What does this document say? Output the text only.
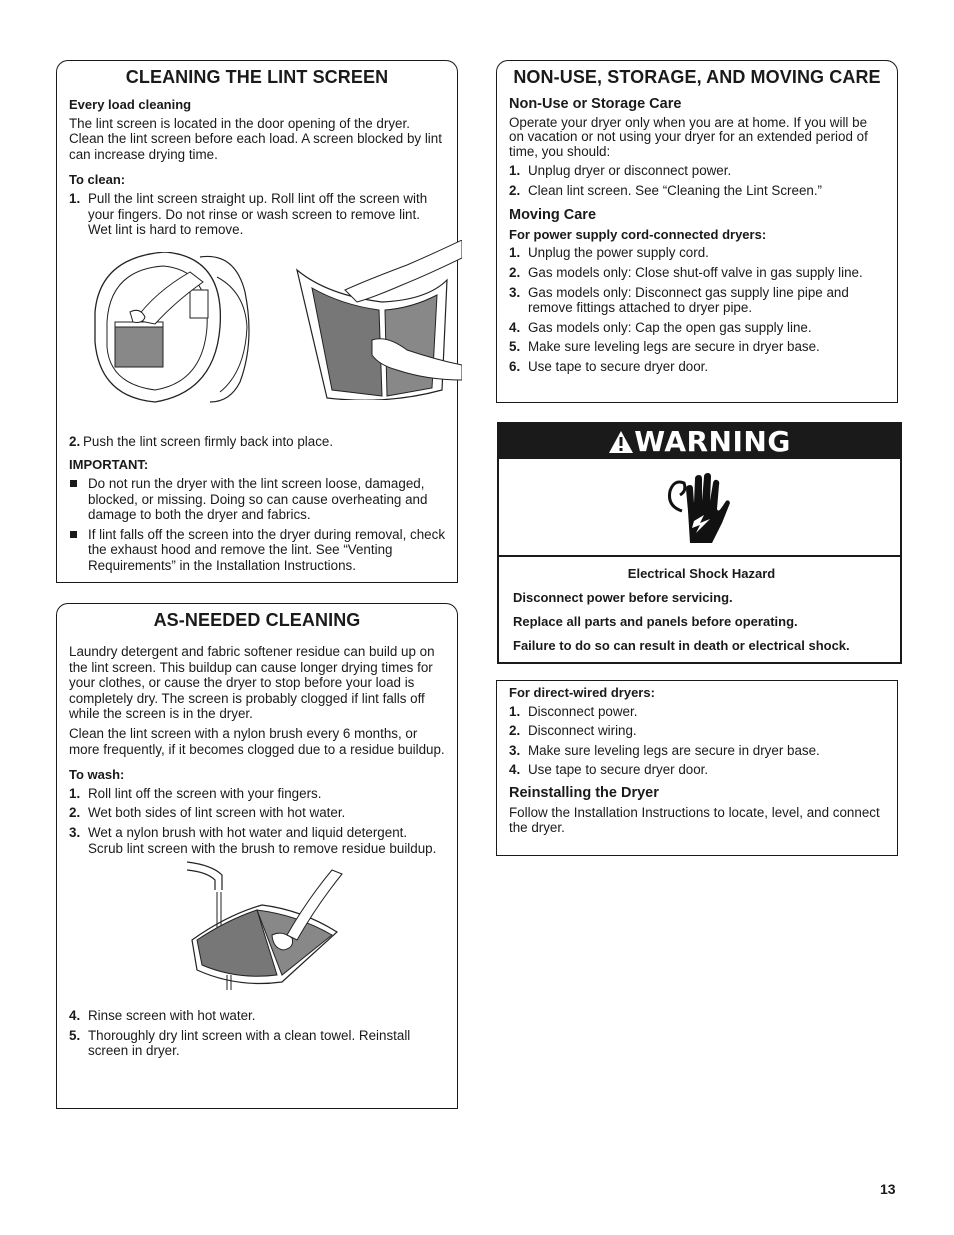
CLEANING THE LINT SCREEN
Every load cleaning

The lint screen is located in the door opening of the dryer. Clean the lint screen before each load. A screen blocked by lint can increase drying time.

To clean:
1. Pull the lint screen straight up. Roll lint off the screen with your fingers. Do not rinse or wash screen to remove lint. Wet lint is hard to remove.
2. Push the lint screen firmly back into place.
IMPORTANT:
Do not run the dryer with the lint screen loose, damaged, blocked, or missing. Doing so can cause overheating and damage to both the dryer and fabrics.
If lint falls off the screen into the dryer during removal, check the exhaust hood and remove the lint. See “Venting Requirements” in the Installation Instructions.
AS-NEEDED CLEANING

Laundry detergent and fabric softener residue can build up on the lint screen. This buildup can cause longer drying times for your clothes, or cause the dryer to stop before your load is completely dry. The screen is probably clogged if lint falls off while the screen is in the dryer.

Clean the lint screen with a nylon brush every 6 months, or more frequently, if it becomes clogged due to a residue buildup.

To wash:
1. Roll lint off the screen with your fingers.
2. Wet both sides of lint screen with hot water.
3. Wet a nylon brush with hot water and liquid detergent. Scrub lint screen with the brush to remove residue buildup.
4. Rinse screen with hot water.
5. Thoroughly dry lint screen with a clean towel. Reinstall screen in dryer.
NON-USE, STORAGE, AND MOVING CARE
Non-Use or Storage Care

Operate your dryer only when you are at home. If you will be on vacation or not using your dryer for an extended period of time, you should:

1. Unplug dryer or disconnect power.
2. Clean lint screen. See “Cleaning the Lint Screen.”
Moving Care
For power supply cord-connected dryers:
1. Unplug the power supply cord.
2. Gas models only: Close shut-off valve in gas supply line.
3. Gas models only: Disconnect gas supply line pipe and remove fittings attached to dryer pipe.
4. Gas models only: Cap the open gas supply line.
5. Make sure leveling legs are secure in dryer base.
6. Use tape to secure dryer door.
WARNING
Electrical Shock Hazard
Disconnect power before servicing.
Replace all parts and panels before operating.
Failure to do so can result in death or electrical shock.
For direct-wired dryers:
1. Disconnect power.
2. Disconnect wiring.
3. Make sure leveling legs are secure in dryer base.
4. Use tape to secure dryer door.
Reinstalling the Dryer

Follow the Installation Instructions to locate, level, and connect the dryer.

13
